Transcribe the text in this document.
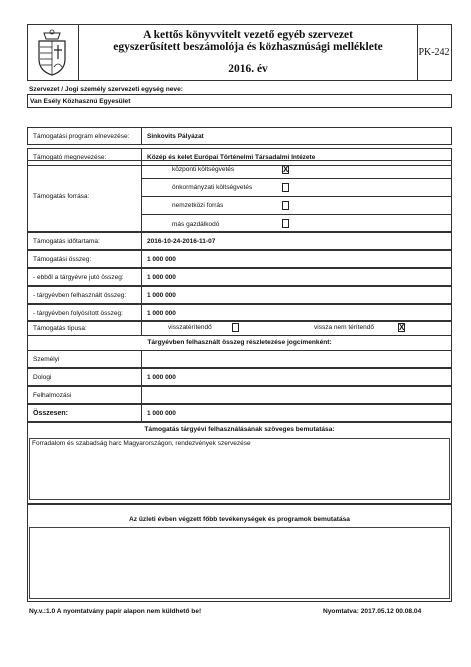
A kettős könyvvitelt vezető egyéb szervezet
egyszerűsített beszámolója és közhasznúsági melléklete
2016. év
PK-242
Szervezet / Jogi személy szervezeti egység neve:
Van Esély Közhasznú Egyesület
Támogatási program elnevezése:	Sinkovits Pályázat
Támogató megnevezése:	Közép és kelet Európai Történelmi Társadalmi Intézete
Támogatás forrása:
központi költségvetés	X
önkormányzati költségvetés
nemzetközi forrás
más gazdálkodó
Támogatás időtartama:	2016-10-24-2016-11-07
Támogatási összeg:	1 000 000
- ebből a tárgyévre jutó összeg:	1 000 000
- tárgyévben felhasznált összeg:	1 000 000
- tárgyévben folyósított összeg:	1 000 000
Támogatás típusa:	visszatérítendő	vissza nem térítendő	X
Tárgyévben felhasznált összeg részletezése jogcímenként:
Személyi
Dologi	1 000 000
Felhalmozási
Összesen:	1 000 000
Támogatás tárgyévi felhasználásának szöveges bemutatása:
Forradalom és szabadság harc Magyarországon, rendezvények szervezése
Az üzleti évben végzett főbb tevékenységek és programok bemutatása
Ny.v.:1.0 A nyomtatvány papír alapon nem küldhető be!	Nyomtatva: 2017.05.12 00.08.04
